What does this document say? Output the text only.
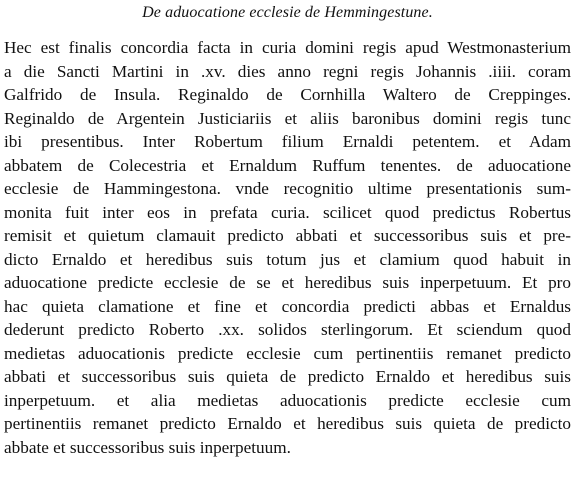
De aduocatione ecclesie de Hemmingestune.
Hec est finalis concordia facta in curia domini regis apud Westmonasterium
a die Sancti Martini in .xv. dies anno regni regis Johannis .iiii. coram
Galfrido de Insula. Reginaldo de Cornhilla Waltero de Creppinges.
Reginaldo de Argentein Justiciariis et aliis baronibus domini regis tunc
ibi presentibus. Inter Robertum filium Ernaldi petentem. et Adam
abbatem de Colecestria et Ernaldum Ruffum tenentes. de aduocatione
ecclesie de Hammingestona. vnde recognitio ultime presentationis sum-
monita fuit inter eos in prefata curia. scilicet quod predictus Robertus
remisit et quietum clamauit predicto abbati et successoribus suis et pre-
dicto Ernaldo et heredibus suis totum jus et clamium quod habuit in
aduocatione predicte ecclesie de se et heredibus suis inperpetuum. Et pro
hac quieta clamatione et fine et concordia predicti abbas et Ernaldus
dederunt predicto Roberto .xx. solidos sterlingorum. Et sciendum quod
medietas aduocationis predicte ecclesie cum pertinentiis remanet predicto
abbati et successoribus suis quieta de predicto Ernaldo et heredibus suis
inperpetuum. et alia medietas aduocationis predicte ecclesie cum
pertinentiis remanet predicto Ernaldo et heredibus suis quieta de predicto
abbate et successoribus suis inperpetuum.
